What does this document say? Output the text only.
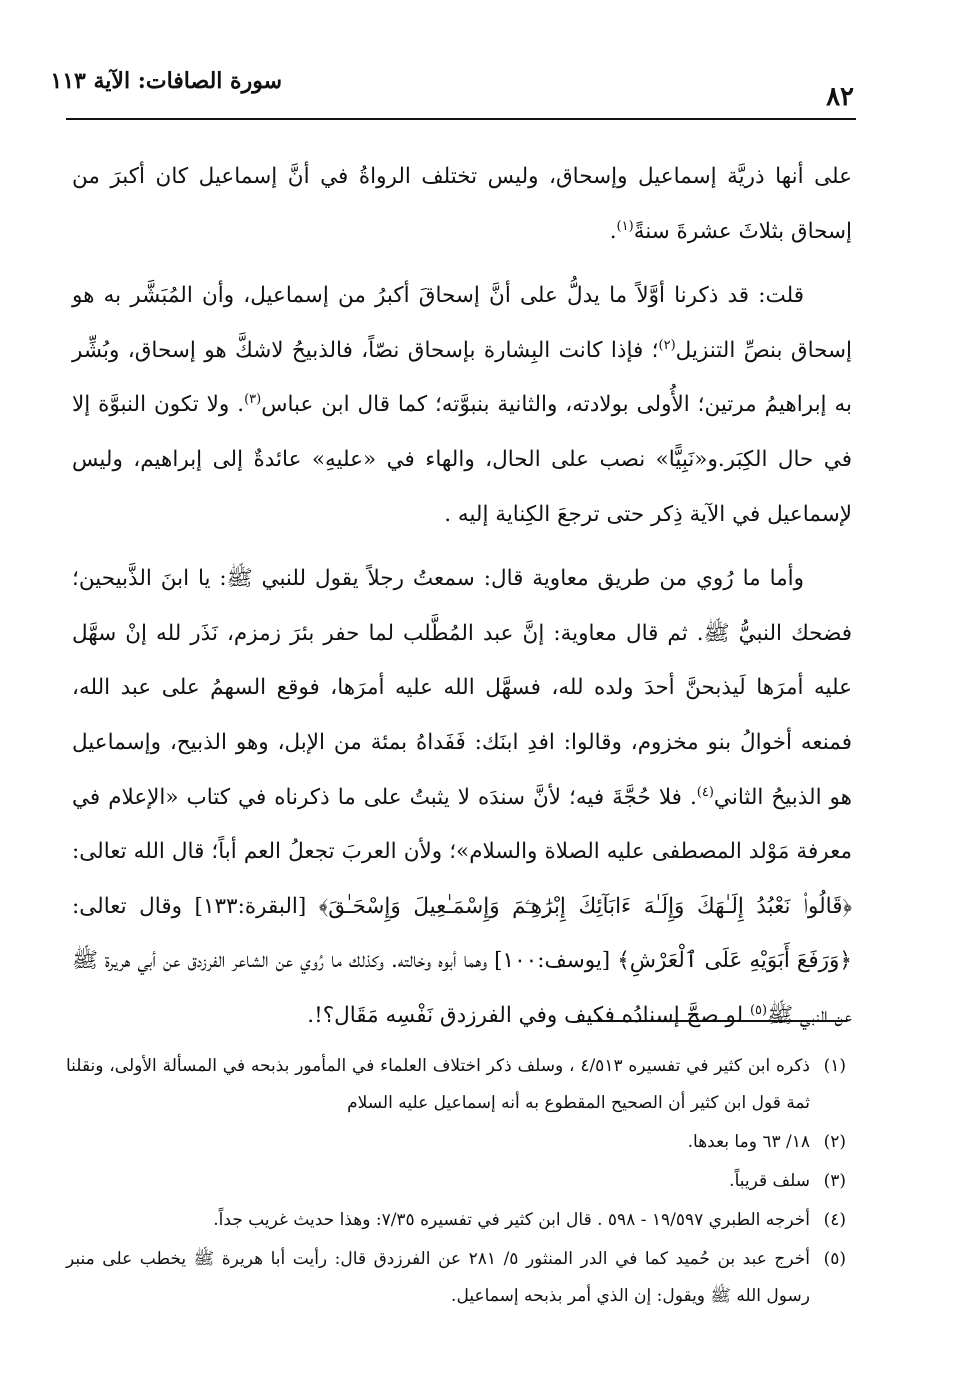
٨٢
سورة الصافات: الآية ١١٣

على أنها ذريَّة إسماعيل وإسحاق، وليس تختلف الرواةُ في أنَّ إسماعيل كان أكبرَ من إسحاق بثلاثَ عشرةَ سنةً$^{(١)}$.

قلت: قد ذكرنا أوَّلاً ما يدلُّ على أنَّ إسحاقَ أكبرُ من إسماعيل، وأن المُبَشَّر به هو إسحاق بنصِّ التنزيل$^{(٢)}$؛ فإذا كانت البِشارة بإسحاق نصّاً، فالذبيحُ لاشكَّ هو إسحاق، وبُشِّر به إبراهيمُ مرتين؛ الأُولى بولادته، والثانية بنبوَّته؛ كما قال ابن عباس$^{(٣)}$. ولا تكون النبوَّة إلا في حال الكِبَر.و«نَبِيًّا» نصب على الحال، والهاء في «عليهِ» عائدةٌ إلى إبراهيم، وليس لإسماعيل في الآية ذِكر حتى ترجعَ الكِناية إليه .

وأما ما رُوي من طريق معاوية قال: سمعتُ رجلاً يقول للنبي ﷺ: يا ابنَ الذَّبيحين؛ فضحك النبيُّ ﷺ. ثم قال معاوية: إنَّ عبد المُطَّلب لما حفر بئرَ زمزم، نَذَر لله إنْ سهَّل عليه أمرَها لَيذبحنَّ أحدَ ولده لله، فسهَّل الله عليه أمرَها، فوقع السهمُ على عبد الله، فمنعه أخوالُ بنو مخزوم، وقالوا: افدِ ابنَك: فَفَداهُ بمئة من الإبل، وهو الذبيح، وإسماعيل هو الذبيحُ الثاني$^{(٤)}$. فلا حُجَّةَ فيه؛ لأنَّ سندَه لا يثبتُ على ما ذكرناه في كتاب «الإعلام في معرفة مَوْلد المصطفى عليه الصلاة والسلام»؛ ولأن العربَ تجعلُ العم أباً؛ قال الله تعالى: ﴿قَالُوا۟ نَعْبُدُ إِلَـٰهَكَ وَإِلَـٰهَ ءَابَآئِكَ إِبْرَٰهِـۧمَ وَإِسْمَـٰعِيلَ وَإِسْحَـٰقَ﴾ [البقرة:١٣٣] وقال تعالى: ﴿وَرَفَعَ أَبَوَيْهِ عَلَى ٱلْعَرْشِ﴾ [يوسف:١٠٠] وهما أبوه وخالته. وكذلك ما رُوي عن الشاعر الفرزدق عن أبي هريرة ﷺ عن النبي ﷺ$^{(٥)}$ لو صحَّ إسنادُه فكيف وفي الفرزدق نَفْسِه مَقَال؟!.

(١)ذكره ابن كثير في تفسيره ٤/٥١٣ ، وسلف ذكر اختلاف العلماء في المأمور بذبحه في المسألة الأولى، ونقلنا ثمة قول ابن كثير أن الصحيح المقطوع به أنه إسماعيل عليه السلام

(٢)١٨/ ٦٣ وما بعدها.

(٣)سلف قريباً.

(٤)أخرجه الطبري ١٩/٥٩٧ - ٥٩٨ . قال ابن كثير في تفسيره ٧/٣٥: وهذا حديث غريب جداً.

(٥)أخرج عبد بن حُميد كما في الدر المنثور ٥/ ٢٨١ عن الفرزدق قال: رأيت أبا هريرة ﷺ يخطب على منبر رسول الله ﷺ ويقول: إن الذي أمر بذبحه إسماعيل.
